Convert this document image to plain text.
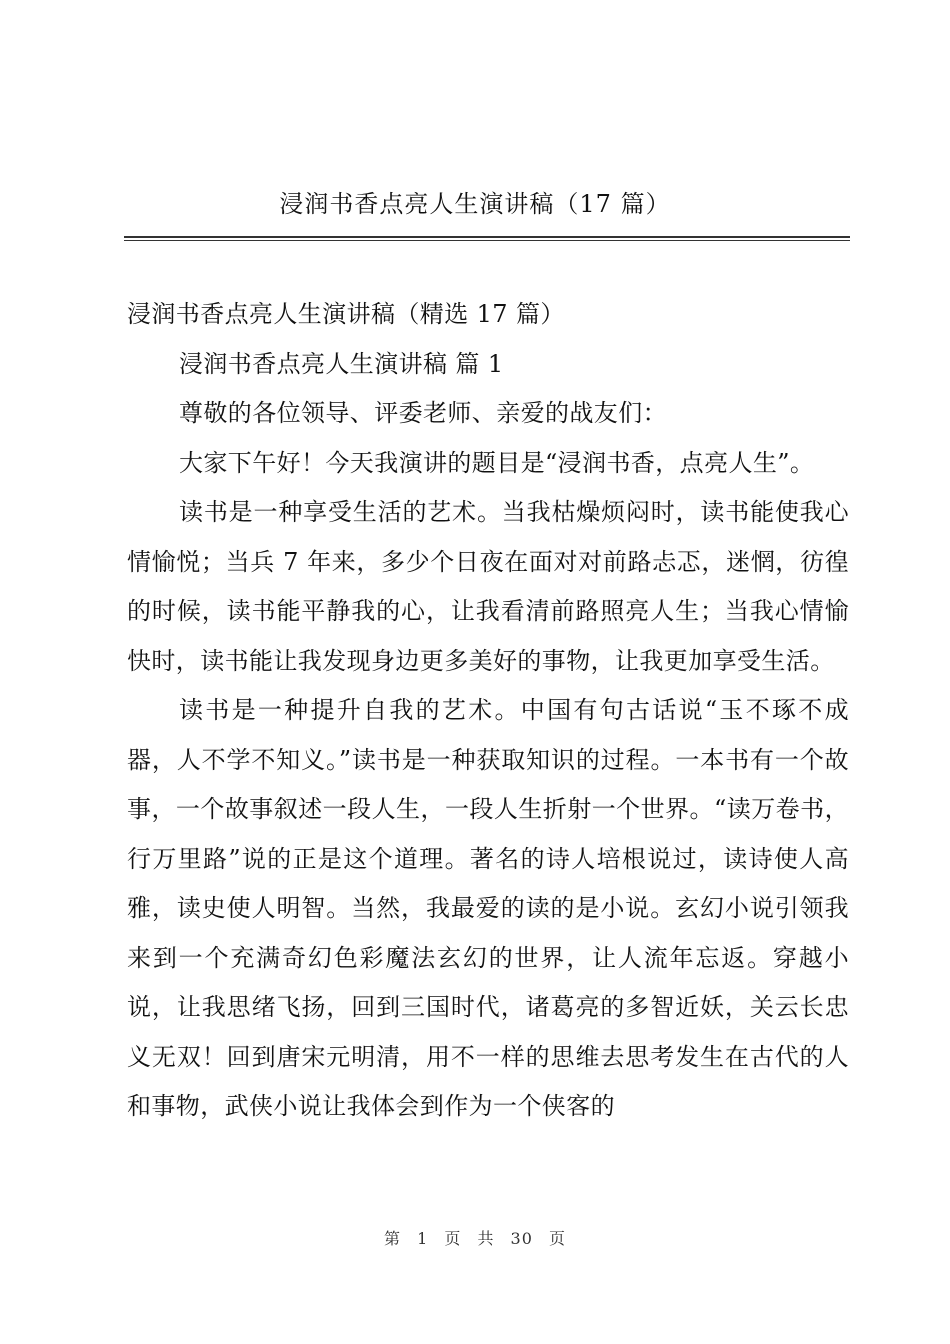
浸润书香点亮人生演讲稿（17 篇）

浸润书香点亮人生演讲稿（精选 17 篇）

浸润书香点亮人生演讲稿 篇 1

尊敬的各位领导、评委老师、亲爱的战友们：

大家下午好！今天我演讲的题目是“浸润书香，点亮人生”。

读书是一种享受生活的艺术。当我枯燥烦闷时，读书能使我心情愉悦；当兵 7 年来，多少个日夜在面对对前路忐忑，迷惘，彷徨的时候，读书能平静我的心，让我看清前路照亮人生；当我心情愉快时，读书能让我发现身边更多美好的事物，让我更加享受生活。

读书是一种提升自我的艺术。中国有句古话说“玉不琢不成器，人不学不知义。”读书是一种获取知识的过程。一本书有一个故事，一个故事叙述一段人生，一段人生折射一个世界。“读万卷书，行万里路”说的正是这个道理。著名的诗人培根说过，读诗使人高雅，读史使人明智。当然，我最爱的读的是小说。玄幻小说引领我来到一个充满奇幻色彩魔法玄幻的世界，让人流年忘返。穿越小说，让我思绪飞扬，回到三国时代，诸葛亮的多智近妖，关云长忠义无双！回到唐宋元明清，用不一样的思维去思考发生在古代的人和事物，武侠小说让我体会到作为一个侠客的

第 1 页 共 30 页
